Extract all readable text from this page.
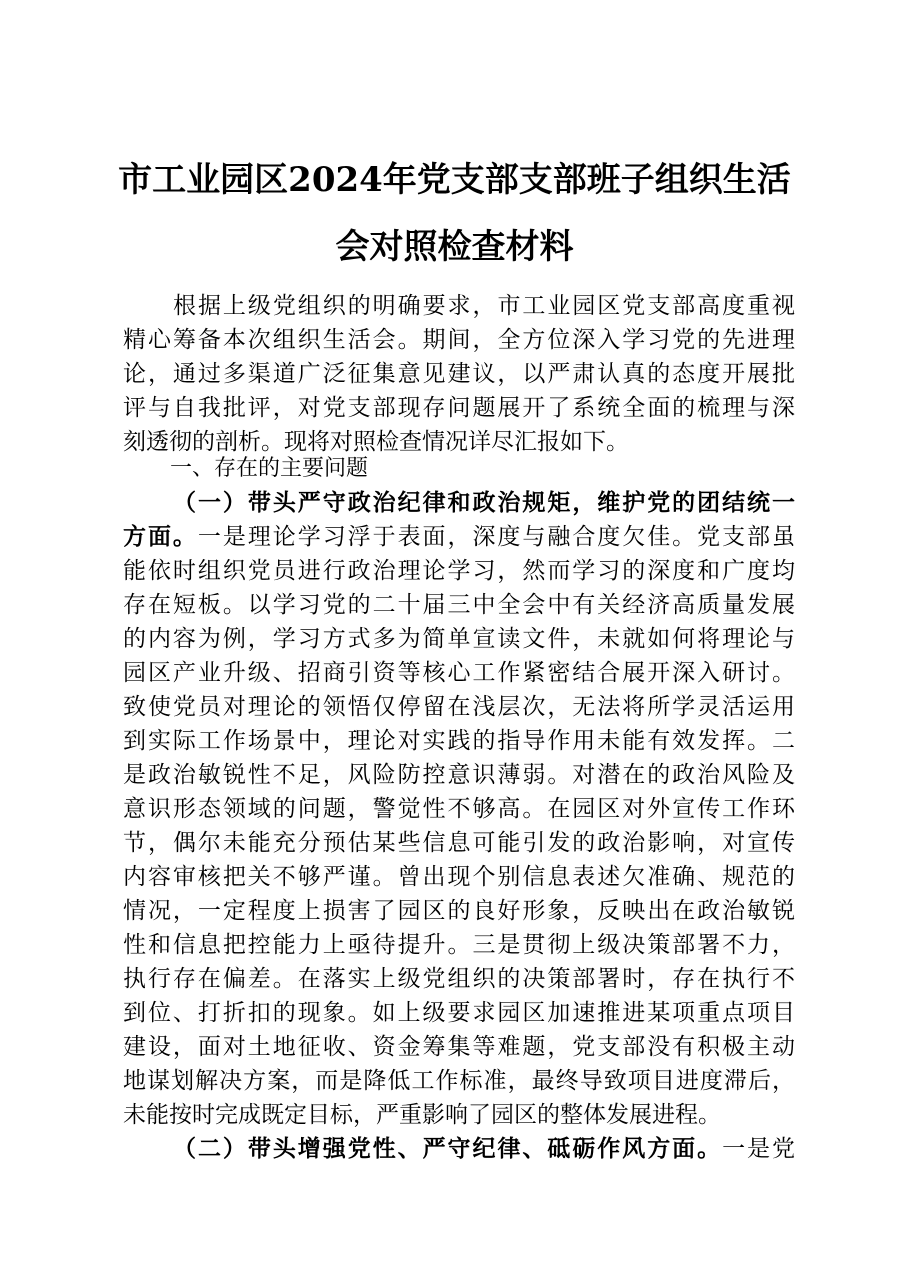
市工业园区2024年党支部支部班子组织生活
会对照检查材料
根据上级党组织的明确要求，市工业园区党支部高度重视
精心筹备本次组织生活会。期间，全方位深入学习党的先进理
论，通过多渠道广泛征集意见建议，以严肃认真的态度开展批
评与自我批评，对党支部现存问题展开了系统全面的梳理与深
刻透彻的剖析。现将对照检查情况详尽汇报如下。
一、存在的主要问题
（一）带头严守政治纪律和政治规矩，维护党的团结统一
方面。一是理论学习浮于表面，深度与融合度欠佳。党支部虽
能依时组织党员进行政治理论学习，然而学习的深度和广度均
存在短板。以学习党的二十届三中全会中有关经济高质量发展
的内容为例，学习方式多为简单宣读文件，未就如何将理论与
园区产业升级、招商引资等核心工作紧密结合展开深入研讨。
致使党员对理论的领悟仅停留在浅层次，无法将所学灵活运用
到实际工作场景中，理论对实践的指导作用未能有效发挥。二
是政治敏锐性不足，风险防控意识薄弱。对潜在的政治风险及
意识形态领域的问题，警觉性不够高。在园区对外宣传工作环
节，偶尔未能充分预估某些信息可能引发的政治影响，对宣传
内容审核把关不够严谨。曾出现个别信息表述欠准确、规范的
情况，一定程度上损害了园区的良好形象，反映出在政治敏锐
性和信息把控能力上亟待提升。三是贯彻上级决策部署不力，
执行存在偏差。在落实上级党组织的决策部署时，存在执行不
到位、打折扣的现象。如上级要求园区加速推进某项重点项目
建设，面对土地征收、资金筹集等难题，党支部没有积极主动
地谋划解决方案，而是降低工作标准，最终导致项目进度滞后，
未能按时完成既定目标，严重影响了园区的整体发展进程。
（二）带头增强党性、严守纪律、砥砺作风方面。一是党
